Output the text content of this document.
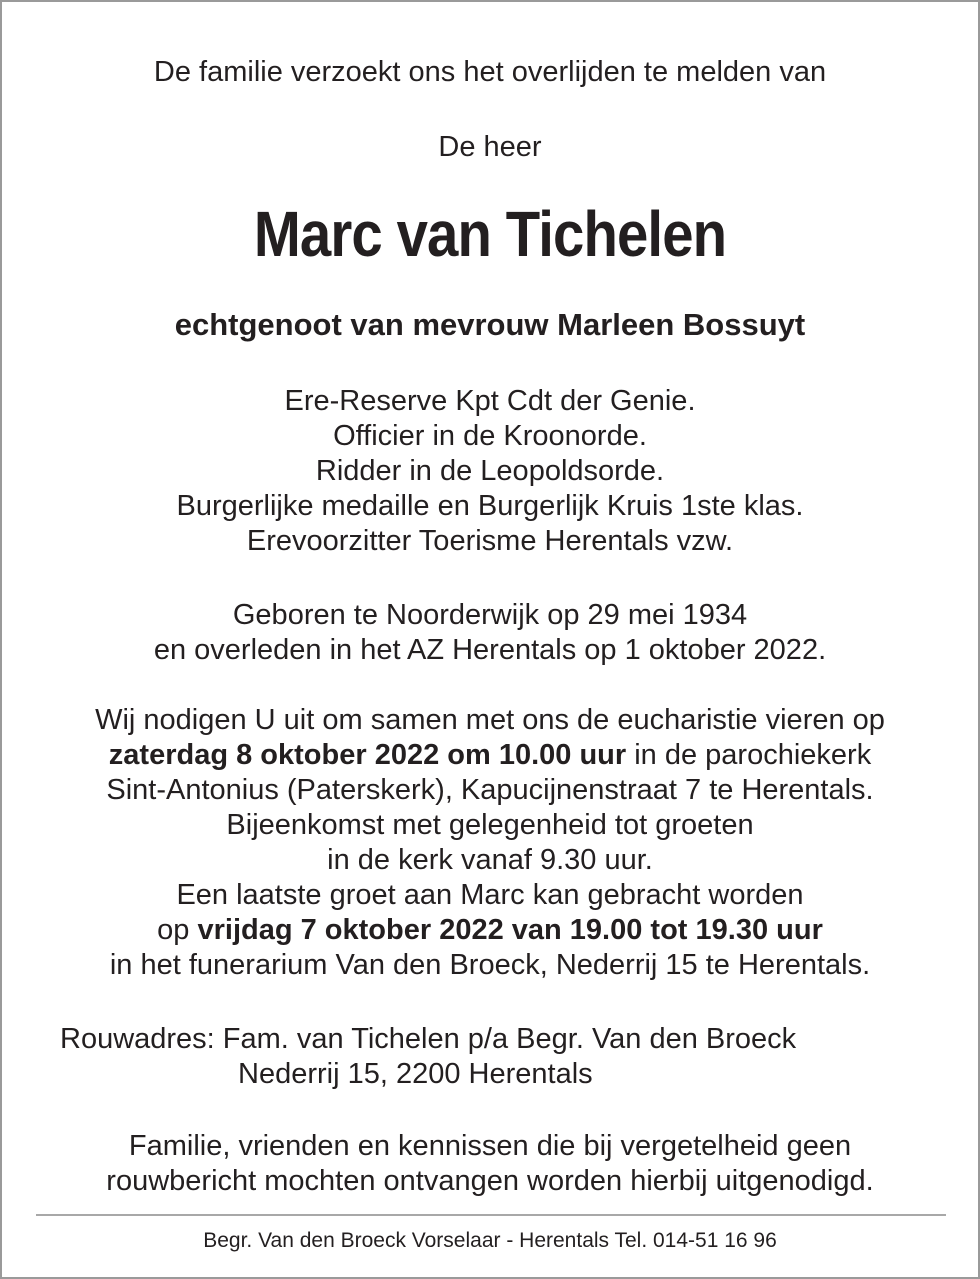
De familie verzoekt ons het overlijden te melden van
De heer
Marc van Tichelen
echtgenoot van mevrouw Marleen Bossuyt
Ere-Reserve Kpt Cdt der Genie.
Officier in de Kroonorde.
Ridder in de Leopoldsorde.
Burgerlijke medaille en Burgerlijk Kruis 1ste klas.
Erevoorzitter Toerisme Herentals vzw.
Geboren te Noorderwijk op 29 mei 1934
en overleden in het AZ Herentals op 1 oktober 2022.
Wij nodigen U uit om samen met ons de eucharistie vieren op
zaterdag 8 oktober 2022 om 10.00 uur in de parochiekerk
Sint-Antonius (Paterskerk), Kapucijnenstraat 7 te Herentals.
Bijeenkomst met gelegenheid tot groeten
in de kerk vanaf 9.30 uur.
Een laatste groet aan Marc kan gebracht worden
op vrijdag 7 oktober 2022 van 19.00 tot 19.30 uur
in het funerarium Van den Broeck, Nederrij 15 te Herentals.
Rouwadres: Fam. van Tichelen p/a Begr. Van den Broeck
Nederrij 15, 2200 Herentals
Familie, vrienden en kennissen die bij vergetelheid geen
rouwbericht mochten ontvangen worden hierbij uitgenodigd.
Begr. Van den Broeck Vorselaar - Herentals Tel. 014-51 16 96
